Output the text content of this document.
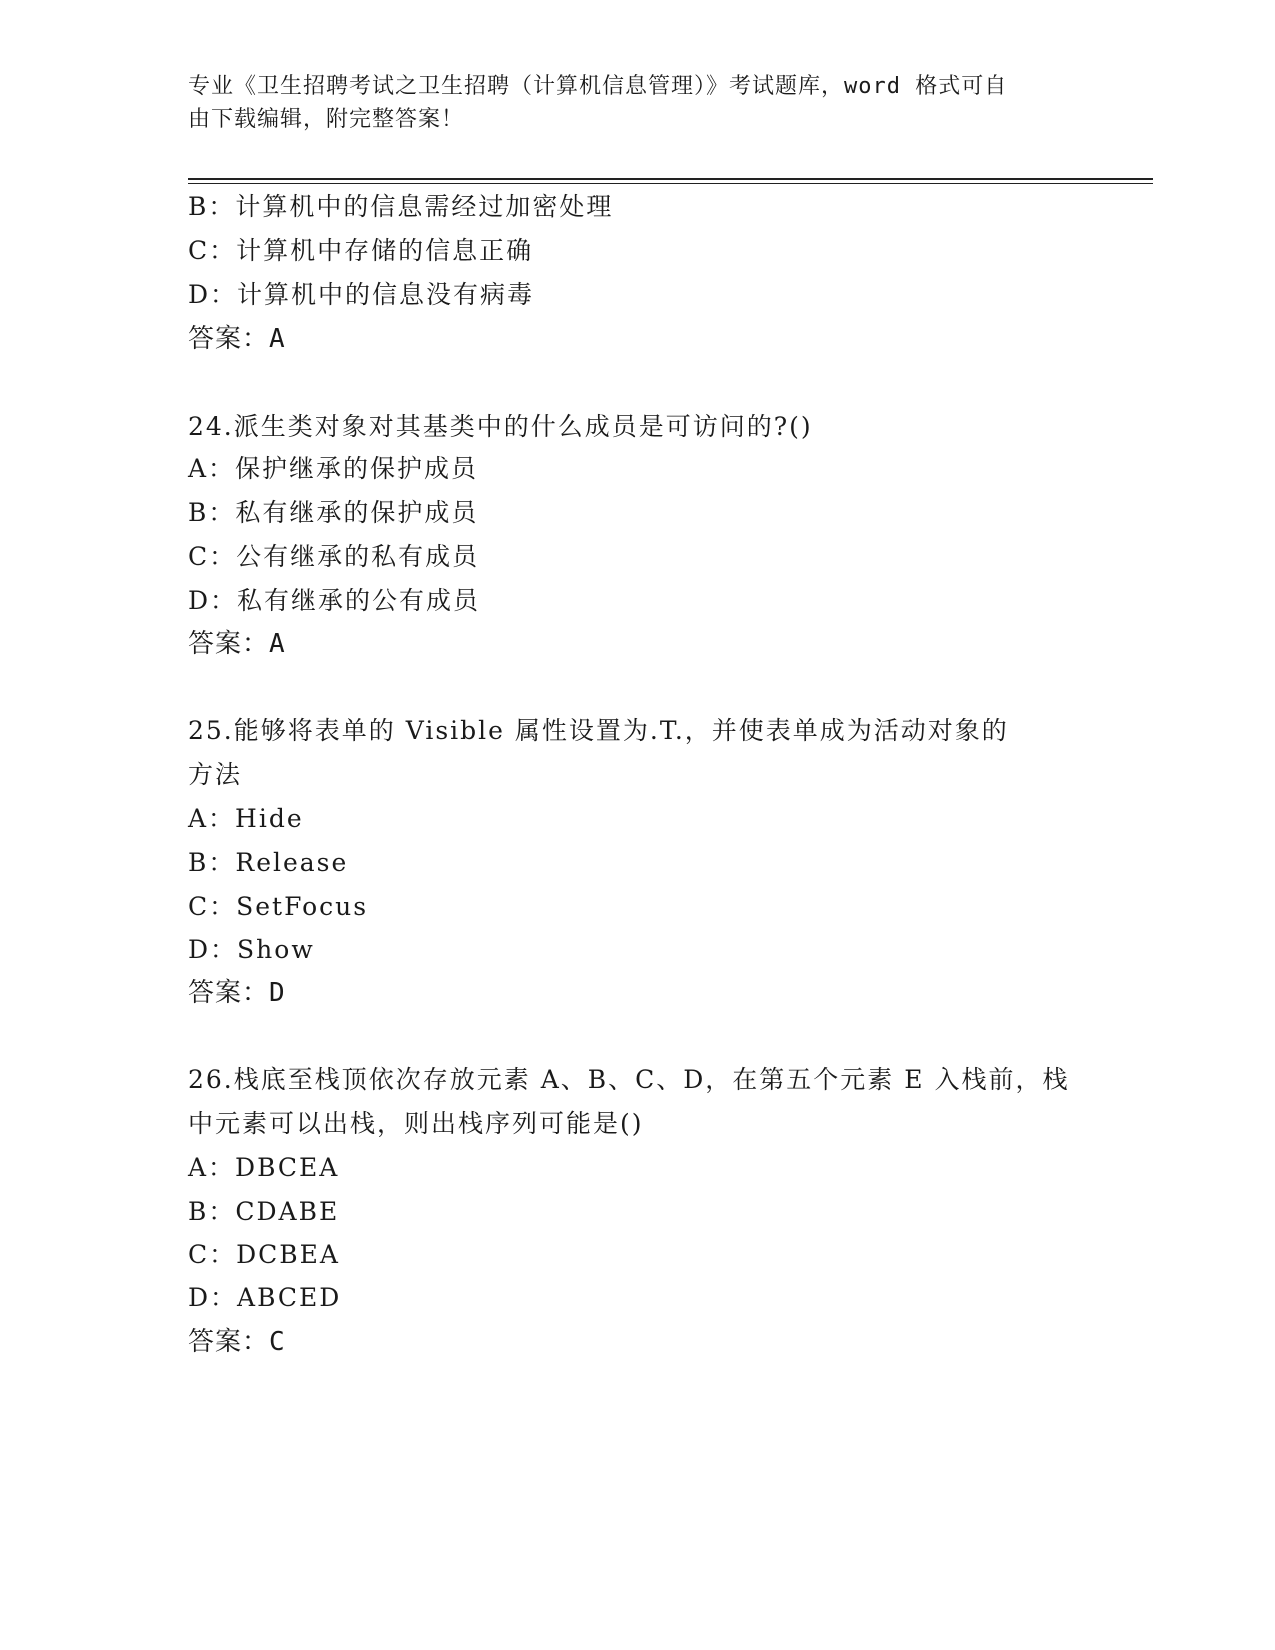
专业《卫生招聘考试之卫生招聘（计算机信息管理）》考试题库，word 格式可自
由下载编辑，附完整答案！
B：计算机中的信息需经过加密处理
C：计算机中存储的信息正确
D：计算机中的信息没有病毒
答案：A
24.派生类对象对其基类中的什么成员是可访问的?()
A：保护继承的保护成员
B：私有继承的保护成员
C：公有继承的私有成员
D：私有继承的公有成员
答案：A
25.能够将表单的 Visible 属性设置为.T.，并使表单成为活动对象的
方法
A：Hide
B：Release
C：SetFocus
D：Show
答案：D
26.栈底至栈顶依次存放元素 A、B、C、D，在第五个元素 E 入栈前，栈
中元素可以出栈，则出栈序列可能是()
A：DBCEA
B：CDABE
C：DCBEA
D：ABCED
答案：C
